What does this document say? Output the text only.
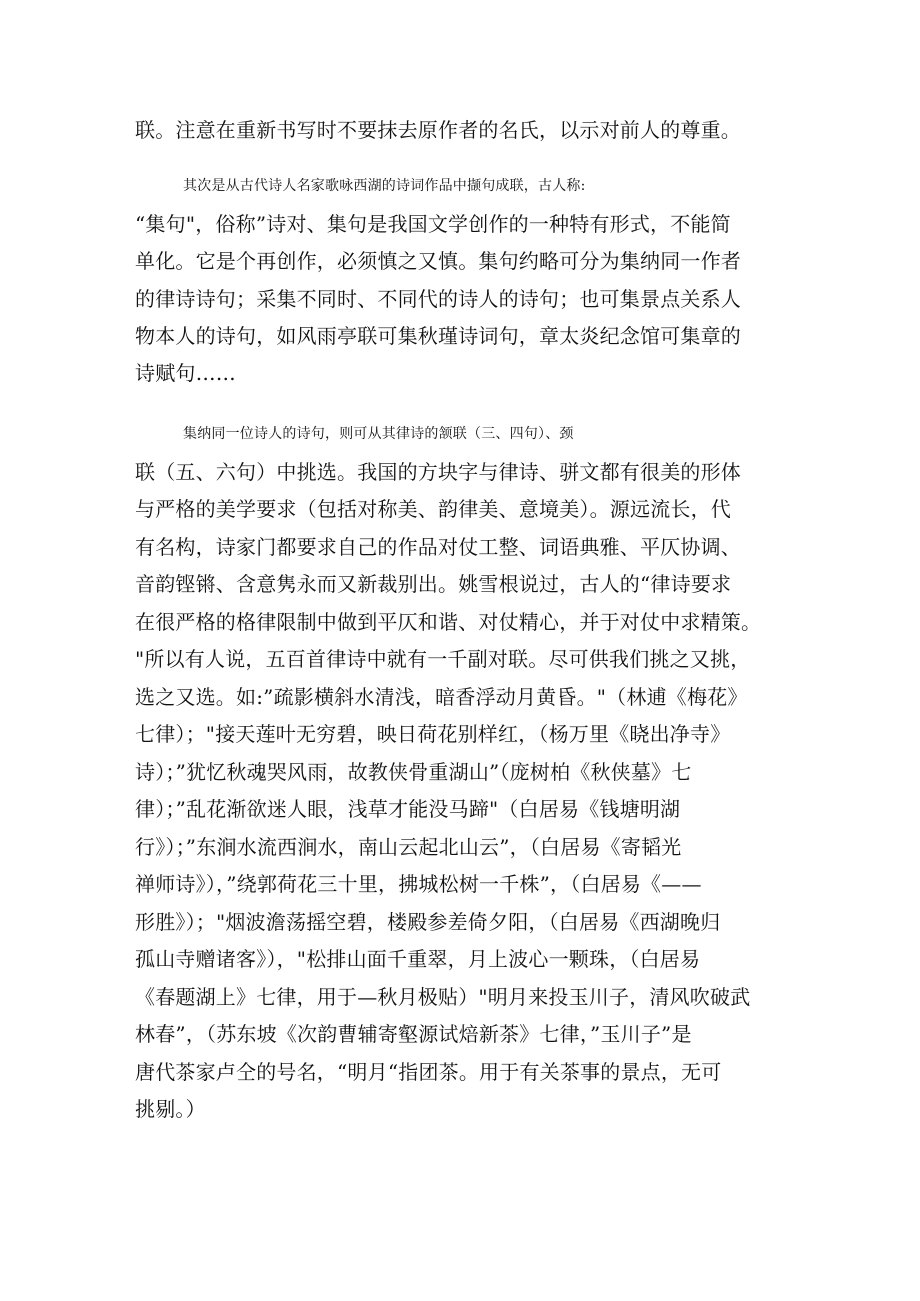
联。注意在重新书写时不要抹去原作者的名氏，以示对前人的尊重。
其次是从古代诗人名家歌咏西湖的诗词作品中撷句成联，古人称:
“集句"，俗称”诗对、集句是我国文学创作的一种特有形式，不能简
单化。它是个再创作，必须慎之又慎。集句约略可分为集纳同一作者
的律诗诗句；采集不同时、不同代的诗人的诗句；也可集景点关系人
物本人的诗句，如风雨亭联可集秋瑾诗词句，章太炎纪念馆可集章的
诗赋句……
集纳同一位诗人的诗句，则可从其律诗的颔联（三、四句）、颈
联（五、六句）中挑选。我国的方块字与律诗、骈文都有很美的形体
与严格的美学要求（包括对称美、韵律美、意境美）。源远流长，代
有名构，诗家门都要求自己的作品对仗工整、词语典雅、平仄协调、
音韵铿锵、含意隽永而又新裁别出。姚雪根说过，古人的“律诗要求
在很严格的格律限制中做到平仄和谐、对仗精心，并于对仗中求精策。
"所以有人说，五百首律诗中就有一千副对联。尽可供我们挑之又挑，
选之又选。如:”疏影横斜水清浅，暗香浮动月黄昏。"（林逋《梅花》
七律）；"接天莲叶无穷碧，映日荷花别样红，（杨万里《晓出净寺》
诗）；”犹忆秋魂哭风雨，故教侠骨重湖山”（庞树柏《秋侠墓》七
律）；”乱花渐欲迷人眼，浅草才能没马蹄"（白居易《钱塘明湖
行》）；”东涧水流西涧水，南山云起北山云”，（白居易《寄韬光
禅师诗》），”绕郭荷花三十里，拂城松树一千株”，（白居易《——
形胜》）；"烟波澹荡摇空碧，楼殿参差倚夕阳，（白居易《西湖晚归
孤山寺赠诸客》），"松排山面千重翠，月上波心一颗珠，（白居易
《春题湖上》七律，用于—秋月极贴）"明月来投玉川子，清风吹破武
林春”，（苏东坡《次韵曹辅寄壑源试焙新茶》七律，”玉川子”是
唐代茶家卢仝的号名，“明月“指团茶。用于有关茶事的景点，无可
挑剔。）
